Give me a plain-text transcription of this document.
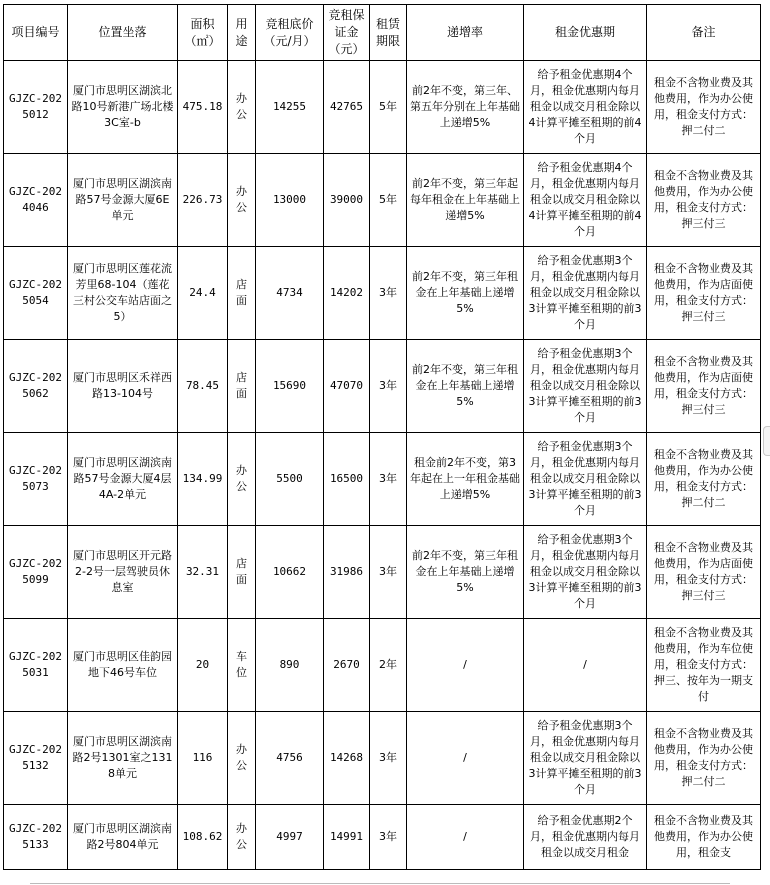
项目编号	位置坐落	面积（㎡）	用途	竞租底价（元/月）	竞租保证金（元）	租赁期限	递增率	租金优惠期	备注
GJZC-2025012	厦门市思明区湖滨北路10号新港广场北楼3C室-b	475.18	办公	14255	42765	5年	前2年不变，第三年、第五年分别在上年基础上递增5%	给予租金优惠期4个月，租金优惠期内每月租金以成交月租金除以4计算平摊至租期的前4个月	租金不含物业费及其他费用，作为办公使用，租金支付方式：押二付二
GJZC-2024046	厦门市思明区湖滨南路57号金源大厦6E单元	226.73	办公	13000	39000	5年	前2年不变，第三年起每年租金在上年基础上递增5%	给予租金优惠期4个月，租金优惠期内每月租金以成交月租金除以4计算平摊至租期的前4个月	租金不含物业费及其他费用，作为办公使用，租金支付方式：押三付三
GJZC-2025054	厦门市思明区莲花流芳里68-104（莲花三村公交车站店面之5）	24.4	店面	4734	14202	3年	前2年不变，第三年租金在上年基础上递增5%	给予租金优惠期3个月，租金优惠期内每月租金以成交月租金除以3计算平摊至租期的前3个月	租金不含物业费及其他费用，作为店面使用，租金支付方式：押三付三
GJZC-2025062	厦门市思明区禾祥西路13-104号	78.45	店面	15690	47070	3年	前2年不变，第三年租金在上年基础上递增5%	给予租金优惠期3个月，租金优惠期内每月租金以成交月租金除以3计算平摊至租期的前3个月	租金不含物业费及其他费用，作为店面使用，租金支付方式：押三付三
GJZC-2025073	厦门市思明区湖滨南路57号金源大厦4层4A-2单元	134.99	办公	5500	16500	3年	租金前2年不变，第3年起在上一年租金基础上递增5%	给予租金优惠期3个月，租金优惠期内每月租金以成交月租金除以3计算平摊至租期的前3个月	租金不含物业费及其他费用，作为办公使用，租金支付方式：押二付二
GJZC-2025099	厦门市思明区开元路2-2号一层驾驶员休息室	32.31	店面	10662	31986	3年	前2年不变，第三年租金在上年基础上递增5%	给予租金优惠期3个月，租金优惠期内每月租金以成交月租金除以3计算平摊至租期的前3个月	租金不含物业费及其他费用，作为店面使用，租金支付方式：押三付三
GJZC-2025031	厦门市思明区佳韵园地下46号车位	20	车位	890	2670	2年	/	/	租金不含物业费及其他费用，作为车位使用，租金支付方式：押三、按年为一期支付
GJZC-2025132	厦门市思明区湖滨南路2号1301室之1318单元	116	办公	4756	14268	3年	/	给予租金优惠期3个月，租金优惠期内每月租金以成交月租金除以3计算平摊至租期的前3个月	租金不含物业费及其他费用，作为办公使用，租金支付方式：押二付二
GJZC-2025133	厦门市思明区湖滨南路2号804单元	108.62	办公	4997	14991	3年	/	给予租金优惠期2个月，租金优惠期内每月租金以成交月租金	租金不含物业费及其他费用，作为办公使用，租金支
